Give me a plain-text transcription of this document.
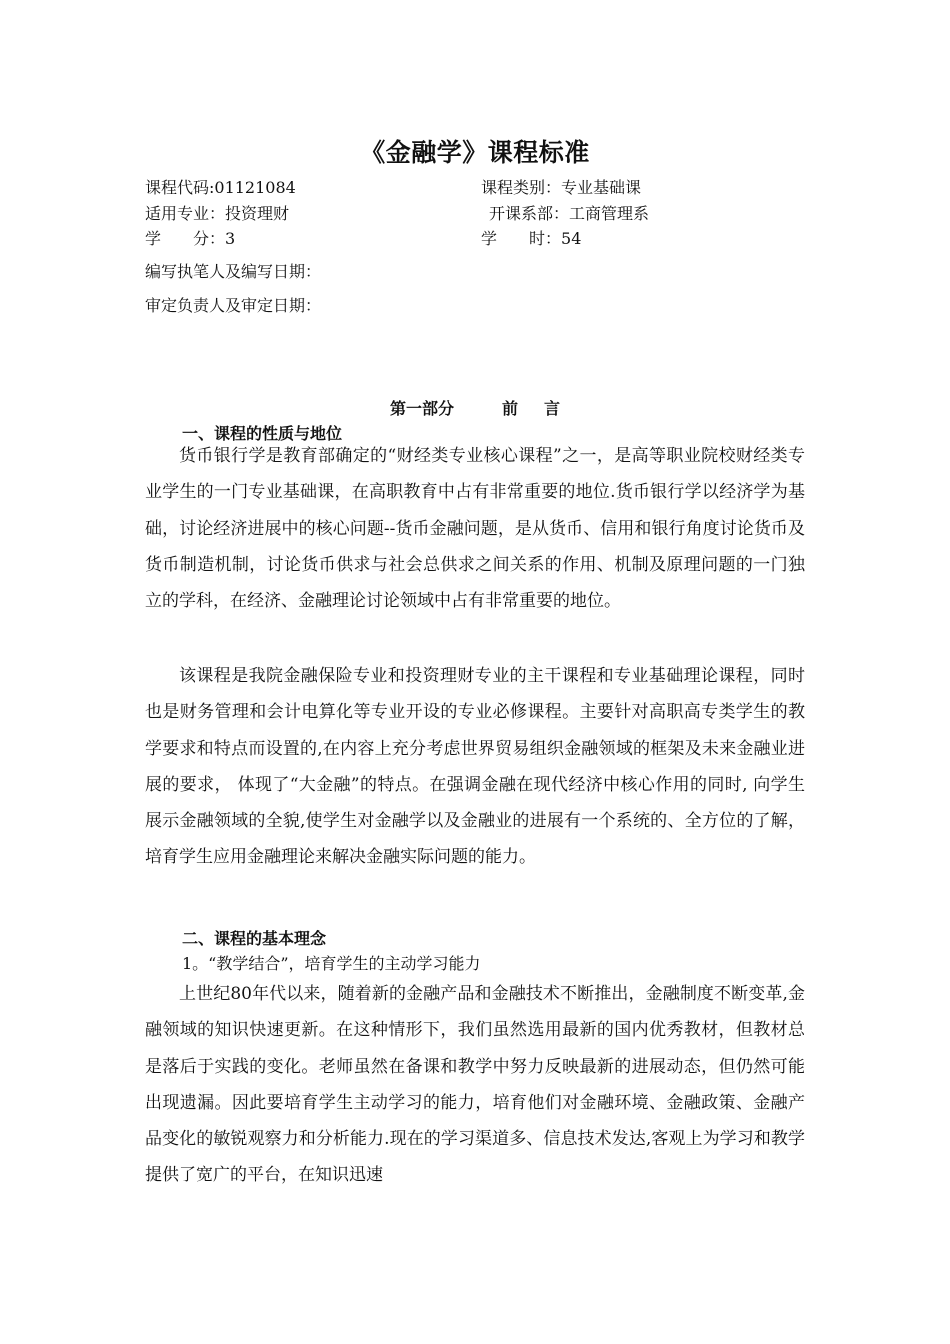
《金融学》课程标准
课程代码:01121084	课程类别：专业基础课
适用专业：投资理财	开课系部：工商管理系
学　　分：3	学　　时：54
编写执笔人及编写日期：
审定负责人及审定日期：
第一部分	前 言
一、课程的性质与地位
货币银行学是教育部确定的“财经类专业核心课程”之一，是高等职业院校财经类专业学生的一门专业基础课，在高职教育中占有非常重要的地位.货币银行学以经济学为基础，讨论经济进展中的核心问题--货币金融问题，是从货币、信用和银行角度讨论货币及货币制造机制，讨论货币供求与社会总供求之间关系的作用、机制及原理问题的一门独立的学科，在经济、金融理论讨论领域中占有非常重要的地位。
该课程是我院金融保险专业和投资理财专业的主干课程和专业基础理论课程，同时也是财务管理和会计电算化等专业开设的专业必修课程。主要针对高职高专类学生的教学要求和特点而设置的,在内容上充分考虑世界贸易组织金融领域的框架及未来金融业进展的要求， 体现了“大金融”的特点。在强调金融在现代经济中核心作用的同时, 向学生展示金融领域的全貌,使学生对金融学以及金融业的进展有一个系统的、全方位的了解，培育学生应用金融理论来解决金融实际问题的能力。
二、课程的基本理念
1。“教学结合”，培育学生的主动学习能力
上世纪80年代以来，随着新的金融产品和金融技术不断推出，金融制度不断变革,金融领域的知识快速更新。在这种情形下，我们虽然选用最新的国内优秀教材，但教材总是落后于实践的变化。老师虽然在备课和教学中努力反映最新的进展动态，但仍然可能出现遗漏。因此要培育学生主动学习的能力，培育他们对金融环境、金融政策、金融产品变化的敏锐观察力和分析能力.现在的学习渠道多、信息技术发达,客观上为学习和教学提供了宽广的平台，在知识迅速
